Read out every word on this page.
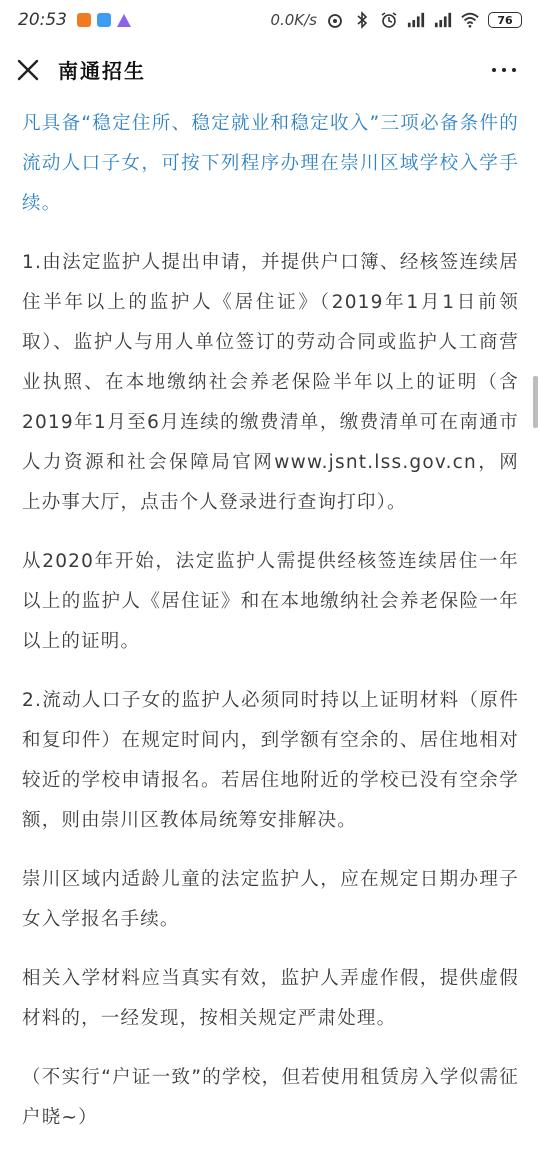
20:53	0.0K/s	76
南通招生

凡具备“稳定住所、稳定就业和稳定收入”三项必备条件的流动人口子女，可按下列程序办理在崇川区域学校入学手续。

1.由法定监护人提出申请，并提供户口簿、经核签连续居住半年以上的监护人《居住证》（2019年1月1日前领取）、监护人与用人单位签订的劳动合同或监护人工商营业执照、在本地缴纳社会养老保险半年以上的证明（含2019年1月至6月连续的缴费清单，缴费清单可在南通市人力资源和社会保障局官网www.jsnt.lss.gov.cn，网上办事大厅，点击个人登录进行查询打印）。

从2020年开始，法定监护人需提供经核签连续居住一年以上的监护人《居住证》和在本地缴纳社会养老保险一年以上的证明。

2.流动人口子女的监护人必须同时持以上证明材料（原件和复印件）在规定时间内，到学额有空余的、居住地相对较近的学校申请报名。若居住地附近的学校已没有空余学额，则由崇川区教体局统筹安排解决。

崇川区域内适龄儿童的法定监护人，应在规定日期办理子女入学报名手续。

相关入学材料应当真实有效，监护人弄虚作假，提供虚假材料的，一经发现，按相关规定严肃处理。

（不实行“户证一致”的学校，但若使用租赁房入学似需征户晓~）
